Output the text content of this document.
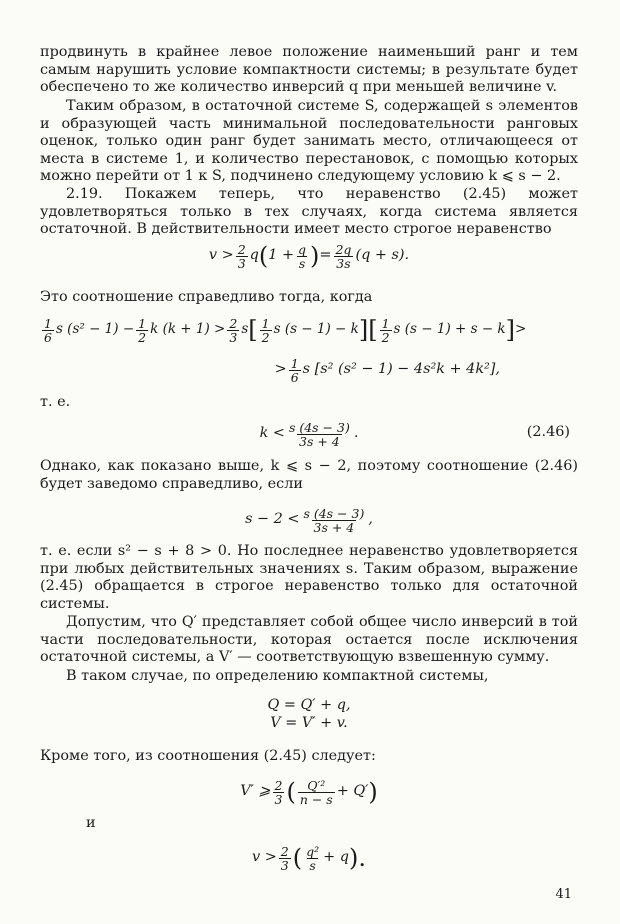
продвинуть в крайнее левое положение наименьший ранг и тем самым нарушить условие компактности системы; в результате будет обеспечено то же количество инверсий q при меньшей величине v.

Таким образом, в остаточной системе S, содержащей s элементов и образующей часть минимальной последовательности ранговых оценок, только один ранг будет занимать место, отличающееся от места в системе 1, и количество перестановок, с помощью которых можно перейти от 1 к S, подчинено следующему условию k ⩽ s − 2.

2.19. Покажем теперь, что неравенство (2.45) может удовлетворяться только в тех случаях, когда система является остаточной. В действительности имеет место строгое неравенство

$v > \frac{2}{3}$ q ( $1 + \frac{q}{s}$ ) = $\frac{2q}{3s} (q + s)$.

Это соотношение справедливо тогда, когда

$\frac{1}{6}$ s $(s^2 - 1) - \frac{1}{2}$ k $(k + 1) > \frac{2}{3}$ s [ $\frac{1}{2}$ s (s − 1) − k ] [ $\frac{1}{2}$ s (s − 1) + s − k ] >
> $\frac{1}{6}$ s [s² (s² − 1) − 4s²k + 4k²],

т. е.

$k < \frac{s (4s - 3)}{3s + 4}$ .	(2.46)

Однако, как показано выше, k ⩽ s − 2, поэтому соотношение (2.46) будет заведомо справедливо, если

$s - 2 < \frac{s (4s - 3)}{3s + 4}$ ,

т. е. если s² − s + 8 > 0. Но последнее неравенство удовлетворяется при любых действительных значениях s. Таким образом, выражение (2.45) обращается в строгое неравенство только для остаточной системы.

Допустим, что Q′ представляет собой общее число инверсий в той части последовательности, которая остается после исключения остаточной системы, а V′ — соответствующую взвешенную сумму.

В таком случае, по определению компактной системы,

Q = Q′ + q,
V = V′ + v.

Кроме того, из соотношения (2.45) следует:

V′ ⩾ $\frac{2}{3}$ ( $\frac{\text{Q′²}}{n - s} + Q'$ )
и
$v > \frac{2}{3}$ ( $\frac{\text{q²}}{s} + q$ ).
41
